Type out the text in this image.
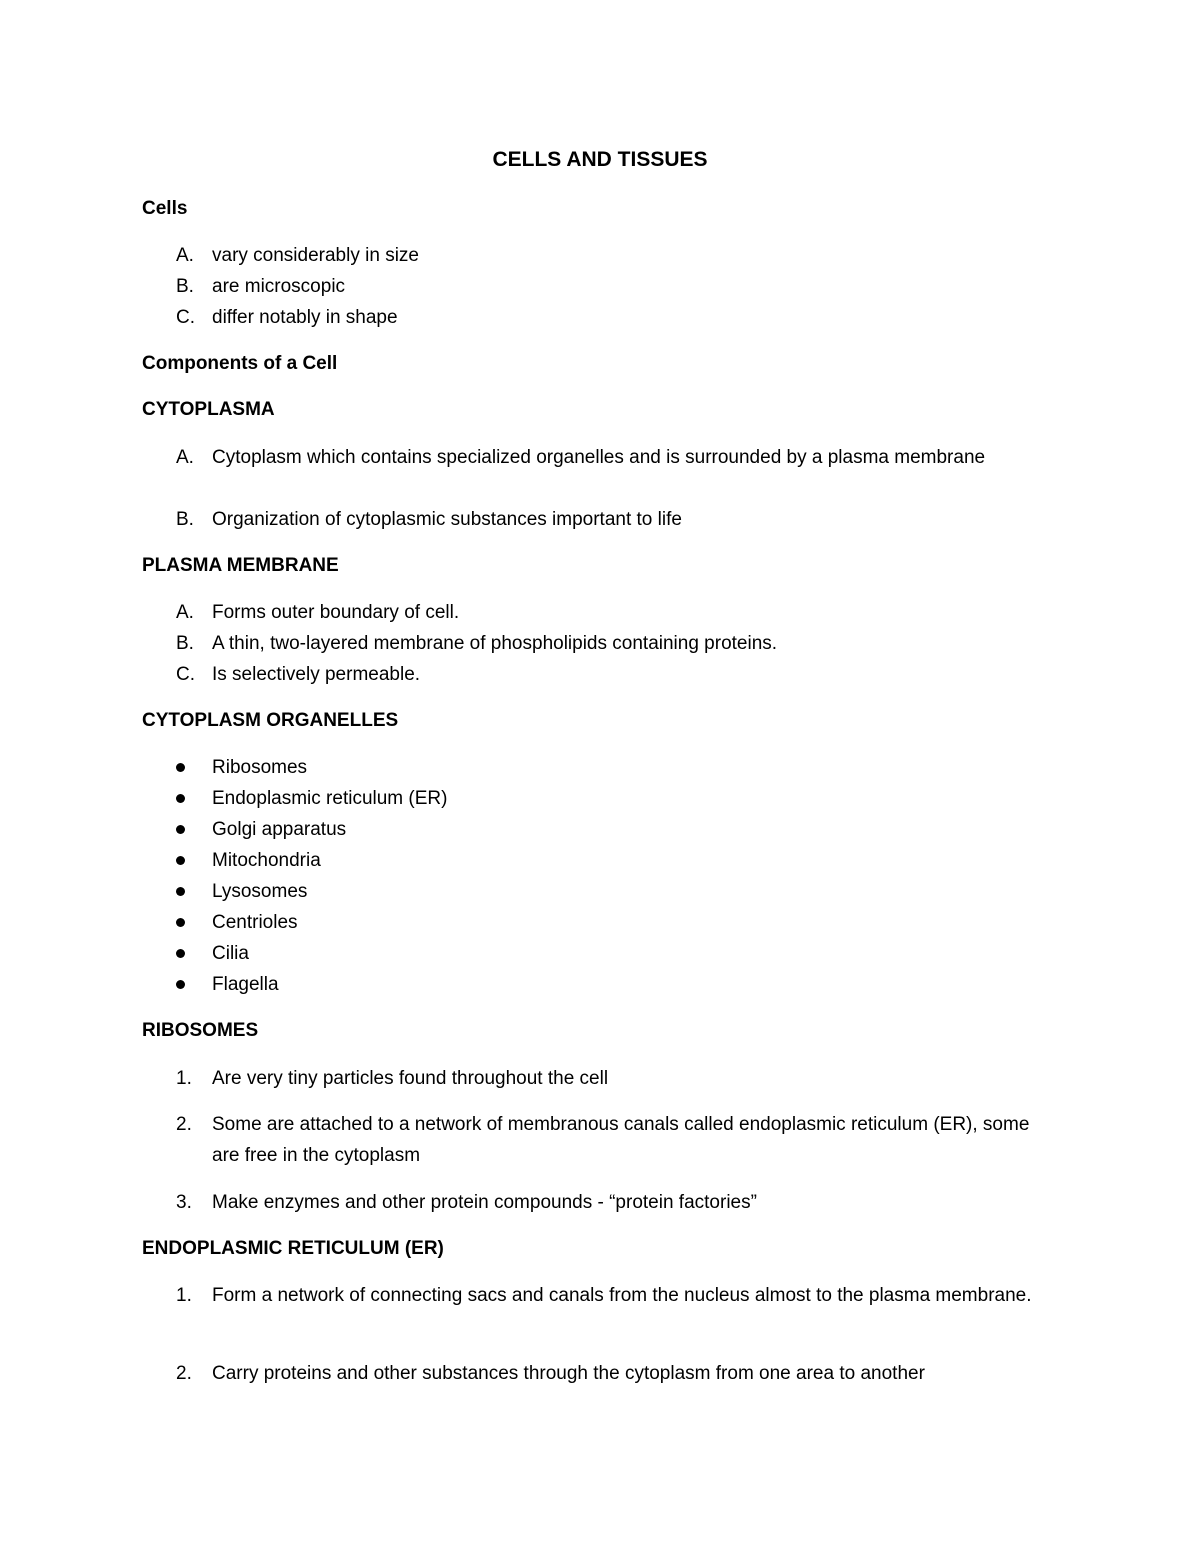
CELLS AND TISSUES
Cells
A. vary considerably in size
B. are microscopic
C. differ notably in shape
Components of a Cell
CYTOPLASMA
A. Cytoplasm which contains specialized organelles and is surrounded by a plasma membrane
B. Organization of cytoplasmic substances important to life
PLASMA MEMBRANE
A. Forms outer boundary of cell.
B. A thin, two-layered membrane of phospholipids containing proteins.
C. Is selectively permeable.
CYTOPLASM ORGANELLES
Ribosomes
Endoplasmic reticulum (ER)
Golgi apparatus
Mitochondria
Lysosomes
Centrioles
Cilia
Flagella
RIBOSOMES
1.	Are very tiny particles found throughout the cell
2.	Some are attached to a network of membranous canals called endoplasmic reticulum (ER), some are free in the cytoplasm
3.	Make enzymes and other protein compounds - “protein factories”
ENDOPLASMIC RETICULUM (ER)
1.	Form a network of connecting sacs and canals from the nucleus almost to the plasma membrane.
2.	Carry proteins and other substances through the cytoplasm from one area to another
